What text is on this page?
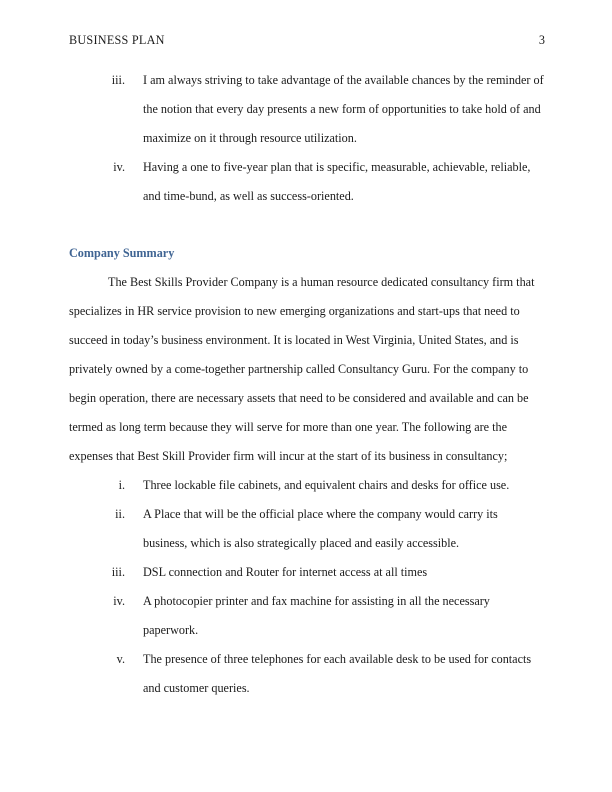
BUSINESS PLAN	3
iii. I am always striving to take advantage of the available chances by the reminder of the notion that every day presents a new form of opportunities to take hold of and maximize on it through resource utilization.
iv. Having a one to five-year plan that is specific, measurable, achievable, reliable, and time-bund, as well as success-oriented.
Company Summary

The Best Skills Provider Company is a human resource dedicated consultancy firm that specializes in HR service provision to new emerging organizations and start-ups that need to succeed in today’s business environment. It is located in West Virginia, United States, and is privately owned by a come-together partnership called Consultancy Guru. For the company to begin operation, there are necessary assets that need to be considered and available and can be termed as long term because they will serve for more than one year. The following are the expenses that Best Skill Provider firm will incur at the start of its business in consultancy;

i. Three lockable file cabinets, and equivalent chairs and desks for office use.
ii. A Place that will be the official place where the company would carry its business, which is also strategically placed and easily accessible.
iii. DSL connection and Router for internet access at all times
iv. A photocopier printer and fax machine for assisting in all the necessary paperwork.
v. The presence of three telephones for each available desk to be used for contacts and customer queries.
